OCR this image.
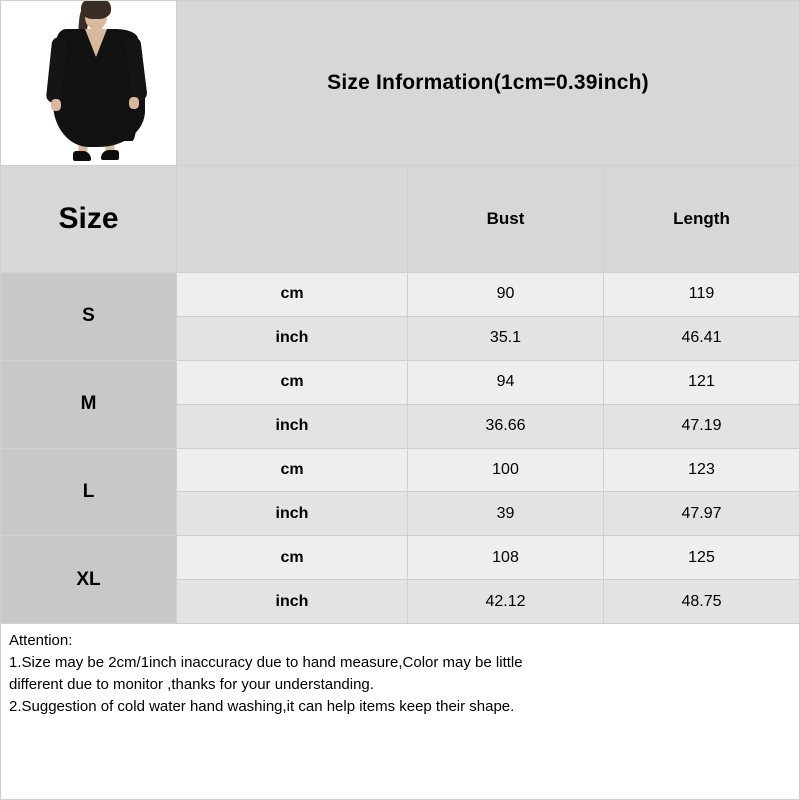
Size Information(1cm=0.39inch)
Size	Bust	Length
S
cm	90	119
inch	35.1	46.41
M
cm	94	121
inch	36.66	47.19
L
cm	100	123
inch	39	47.97
XL
cm	108	125
inch	42.12	48.75
Attention:
1.Size may be 2cm/1inch inaccuracy due to hand measure,Color may be little
different due to monitor ,thanks for your understanding.
2.Suggestion of cold water hand washing,it can help items keep their shape.
